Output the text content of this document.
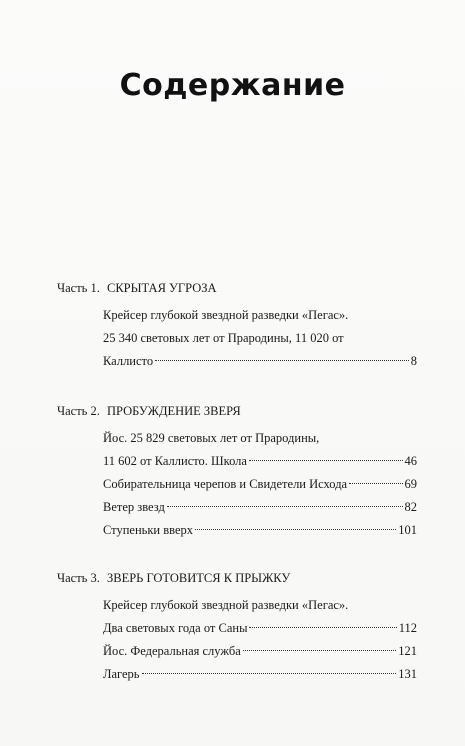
Содержание
Часть 1. СКРЫТАЯ УГРОЗА
Крейсер глубокой звездной разведки «Пегас».
25 340 световых лет от Прародины, 11 020 от
Каллисто	8
Часть 2. ПРОБУЖДЕНИЕ ЗВЕРЯ
Йос. 25 829 световых лет от Прародины,
11 602 от Каллисто. Школа	46
Собирательница черепов и Свидетели Исхода	69
Ветер звезд	82
Ступеньки вверх	101
Часть 3. ЗВЕРЬ ГОТОВИТСЯ К ПРЫЖКУ
Крейсер глубокой звездной разведки «Пегас».
Два световых года от Саны	112
Йос. Федеральная служба	121
Лагерь	131
